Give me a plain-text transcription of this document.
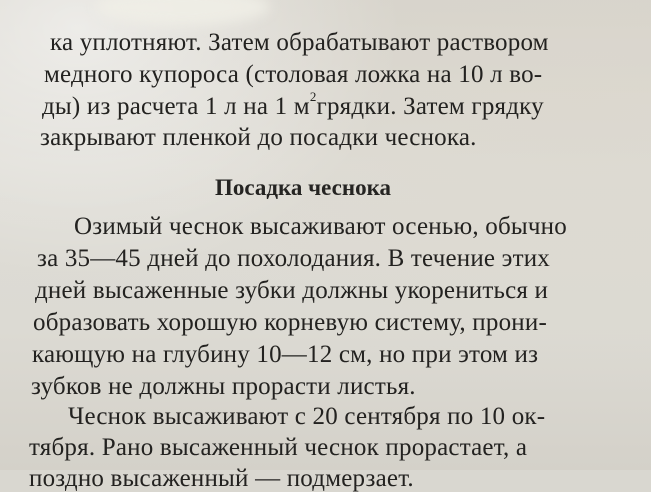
ка уплотняют. Затем обрабатывают раствором
медного купороса (столовая ложка на 10 л во-
ды) из расчета 1 л на 1 $м^2грядки$. Затем грядку
закрывают пленкой до посадки чеснока.
Посадка чеснока
Озимый чеснок высаживают осенью, обычно
за 35—45 дней до похолодания. В течение этих
дней высаженные зубки должны укорениться и
образовать хорошую корневую систему, прони-
кающую на глубину 10—12 см, но при этом из
зубков не должны прорасти листья.
Чеснок высаживают с 20 сентября по 10 ок-
тября. Рано высаженный чеснок прорастает, а
поздно высаженный — подмерзает.
